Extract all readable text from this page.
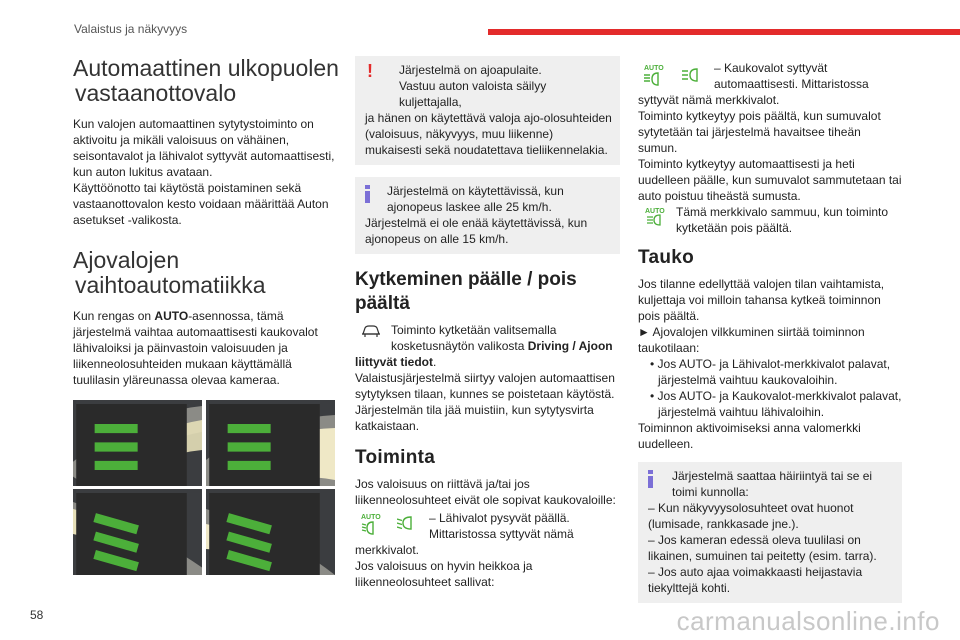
Valaistus ja näkyvyys
Automaattinen ulkopuolen
vastaanottovalo

Kun valojen automaattinen sytytystoiminto on aktivoitu ja mikäli valoisuus on vähäinen, seisontavalot ja lähivalot syttyvät automaattisesti, kun auton lukitus avataan.

Käyttöönotto tai käytöstä poistaminen sekä vastaanottovalon kesto voidaan määrittää Auton asetukset -valikosta.

Ajovalojen
vaihtoautomatiikka

Kun rengas on AUTO-asennossa, tämä järjestelmä vaihtaa automaattisesti kaukovalot lähivaloiksi ja päinvastoin valoisuuden ja liikenneolosuhteiden mukaan käyttämällä tuulilasin yläreunassa olevaa kameraa.

!	Järjestelmä on ajoapulaite.

Vastuu auton valoista säilyy kuljettajalla,

ja hänen on käytettävä valoja ajo-olosuhteiden (valoisuus, näkyvyys, muu liikenne) mukaisesti sekä noudatettava tieliikennelakia.

Järjestelmä on käytettävissä, kun

ajonopeus laskee alle 25 km/h.

Järjestelmä ei ole enää käytettävissä, kun ajonopeus on alle 15 km/h.

Kytkeminen päälle / pois
päältä

Toiminto kytketään valitsemalla

kosketusnäytön valikosta Driving / Ajoon

liittyvät tiedot.

Valaistusjärjestelmä siirtyy valojen automaattisen sytytyksen tilaan, kunnes se poistetaan käytöstä. Järjestelmän tila jää muistiin, kun sytytysvirta katkaistaan.

Toiminta

Jos valoisuus on riittävä ja/tai jos liikenneolosuhteet eivät ole sopivat kaukovaloille:

AUTO	– Lähivalot pysyvät päällä.

Mittaristossa syttyvät nämä

merkkivalot.

Jos valoisuus on hyvin heikkoa ja liikenneolosuhteet sallivat:

AUTO	– Kaukovalot syttyvät

automaattisesti. Mittaristossa

syttyvät nämä merkkivalot.

Toiminto kytkeytyy pois päältä, kun sumuvalot sytytetään tai järjestelmä havaitsee tiheän sumun.

Toiminto kytkeytyy automaattisesti ja heti uudelleen päälle, kun sumuvalot sammutetaan tai auto poistuu tiheästä sumusta.

AUTO Tämä merkkivalo sammuu, kun toiminto

kytketään pois päältä.

Tauko

Jos tilanne edellyttää valojen tilan vaihtamista, kuljettaja voi milloin tahansa kytkeä toiminnon pois päältä.

► Ajovalojen vilkkuminen siirtää toiminnon taukotilaan:

• Jos AUTO- ja Lähivalot-merkkivalot palavat, järjestelmä vaihtuu kaukovaloihin.

• Jos AUTO- ja Kaukovalot-merkkivalot palavat, järjestelmä vaihtuu lähivaloihin.

Toiminnon aktivoimiseksi anna valomerkki uudelleen.

Järjestelmä saattaa häiriintyä tai se ei

toimi kunnolla:

– Kun näkyvyysolosuhteet ovat huonot (lumisade, rankkasade jne.).

– Jos kameran edessä oleva tuulilasi on likainen, sumuinen tai peitetty (esim. tarra).

– Jos auto ajaa voimakkaasti heijastavia tiekylttejä kohti.

58	carmanualsonline.info
